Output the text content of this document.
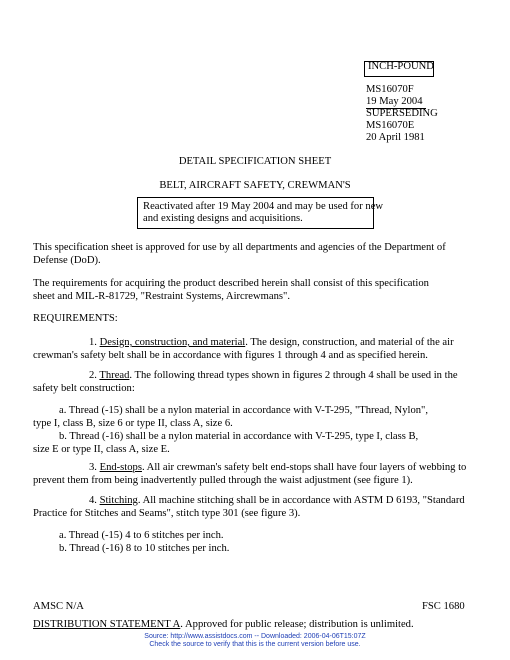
INCH-POUND
MS16070F
19 May 2004
SUPERSEDING
MS16070E
20 April 1981
DETAIL SPECIFICATION SHEET
BELT, AIRCRAFT SAFETY, CREWMAN'S
Reactivated after 19 May 2004 and may be used for new
and existing designs and acquisitions.

This specification sheet is approved for use by all departments and agencies of the Department of

Defense (DoD).

The requirements for acquiring the product described herein shall consist of this specification

sheet and MIL-R-81729, "Restraint Systems, Aircrewmans".

REQUIREMENTS:

1. Design, construction, and material. The design, construction, and material of the air

crewman's safety belt shall be in accordance with figures 1 through 4 and as specified herein.

2. Thread. The following thread types shown in figures 2 through 4 shall be used in the

safety belt construction:

a. Thread (-15) shall be a nylon material in accordance with V-T-295, "Thread, Nylon",

type I, class B, size 6 or type II, class A, size 6.

b. Thread (-16) shall be a nylon material in accordance with V-T-295, type I, class B,

size E or type II, class A, size E.

3. End-stops. All air crewman's safety belt end-stops shall have four layers of webbing to

prevent them from being inadvertently pulled through the waist adjustment (see figure 1).

4. Stitching. All machine stitching shall be in accordance with ASTM D 6193, "Standard

Practice for Stitches and Seams", stitch type 301 (see figure 3).

a. Thread (-15) 4 to 6 stitches per inch.

b. Thread (-16) 8 to 10 stitches per inch.

AMSC N/A	FSC 1680
DISTRIBUTION STATEMENT A. Approved for public release; distribution is unlimited.
Source: http://www.assistdocs.com -- Downloaded: 2006-04-06T15:07Z
Check the source to verify that this is the current version before use.
